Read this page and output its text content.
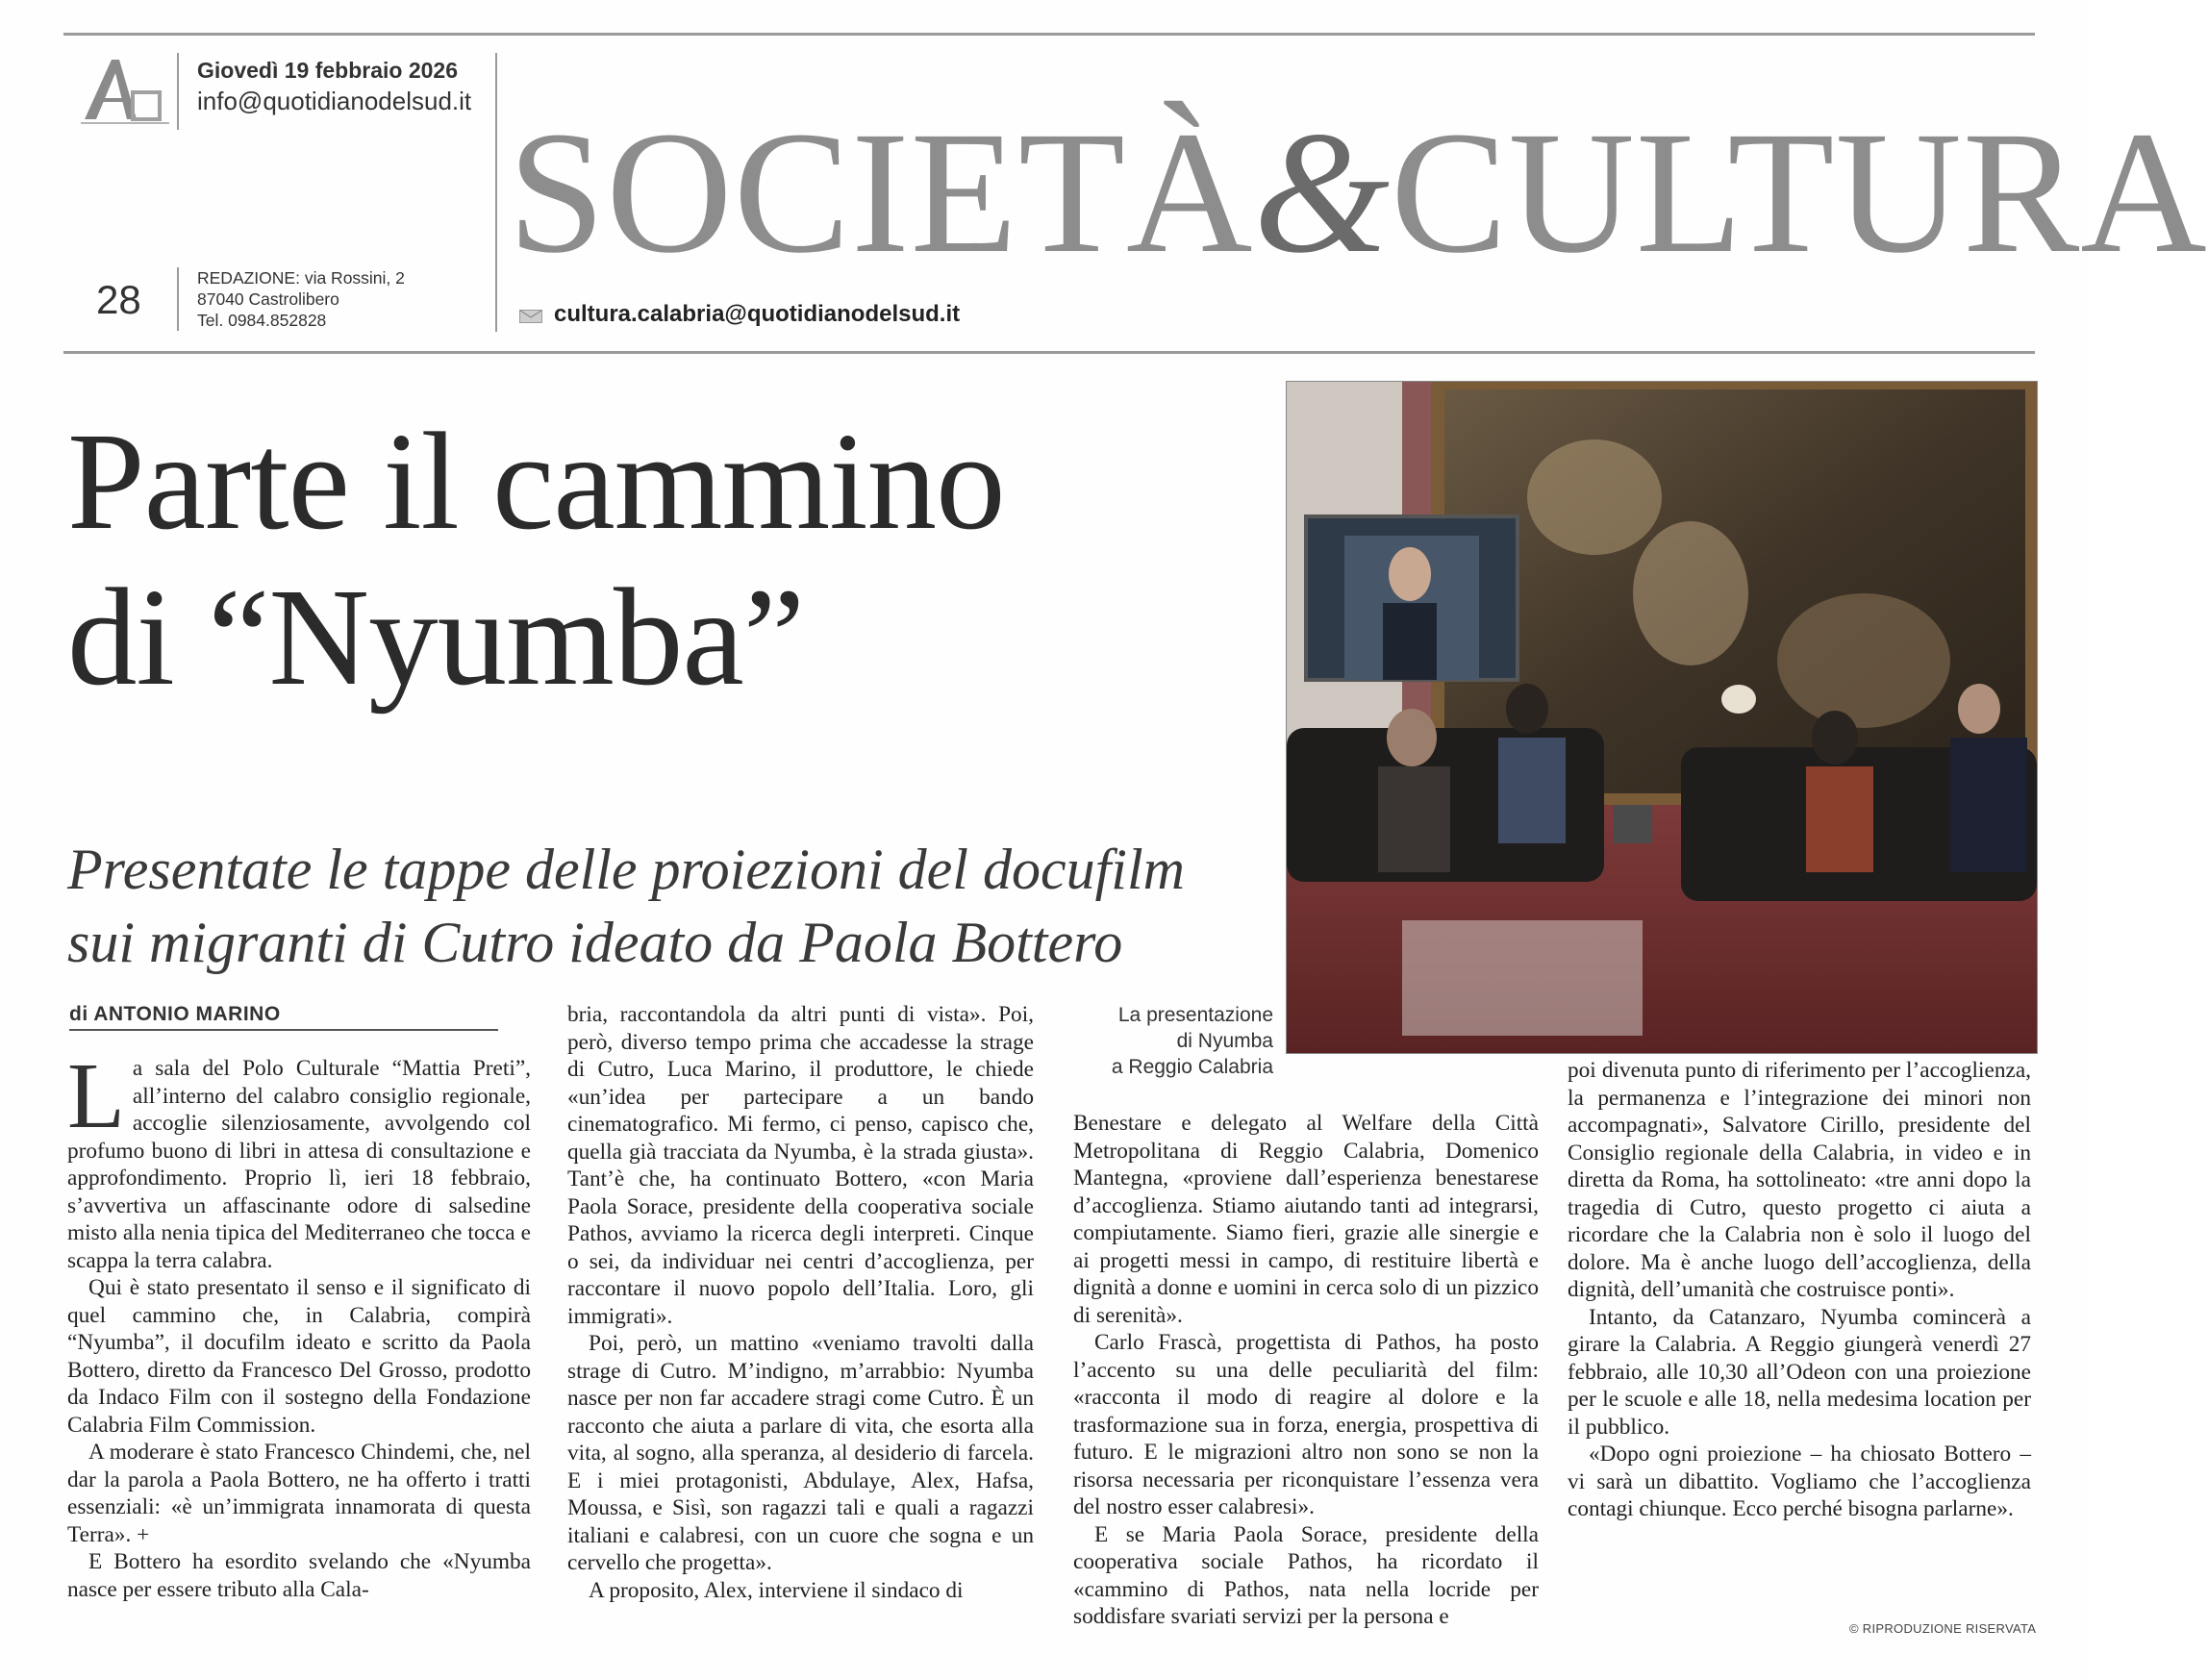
Giovedì 19 febbraio 2026
info@quotidianodelsud.it
28	REDAZIONE: via Rossini, 2
87040 Castrolibero
Tel. 0984.852828
SOCIETÀ&CULTURA
cultura.calabria@quotidianodelsud.it
Parte il cammino
di “Nyumba”
Presentate le tappe delle proiezioni del docufilm
sui migranti di Cutro ideato da Paola Bottero
La presentazione
di Nyumba
a Reggio Calabria
di ANTONIO MARINO

La sala del Polo Culturale “Mattia Preti”, all’interno del calabro consiglio regionale, accoglie silenziosamente, avvolgendo col profumo buono di libri in attesa di consultazione e approfondimento. Proprio lì, ieri 18 febbraio, s’avvertiva un affascinante odore di salsedine misto alla nenia tipica del Mediterraneo che tocca e scappa la terra calabra.

Qui è stato presentato il senso e il significato di quel cammino che, in Calabria, compirà “Nyumba”, il docufilm ideato e scritto da Paola Bottero, diretto da Francesco Del Grosso, prodotto da Indaco Film con il sostegno della Fondazione Calabria Film Commission.

A moderare è stato Francesco Chindemi, che, nel dar la parola a Paola Bottero, ne ha offerto i tratti essenziali: «è un’immigrata innamorata di questa Terra». +

E Bottero ha esordito svelando che «Nyumba nasce per essere tributo alla Cala-

bria, raccontandola da altri punti di vista». Poi, però, diverso tempo prima che accadesse la strage di Cutro, Luca Marino, il produttore, le chiede «un’idea per partecipare a un bando cinematografico. Mi fermo, ci penso, capisco che, quella già tracciata da Nyumba, è la strada giusta». Tant’è che, ha continuato Bottero, «con Maria Paola Sorace, presidente della cooperativa sociale Pathos, avviamo la ricerca degli interpreti. Cinque o sei, da individuar nei centri d’accoglienza, per raccontare il nuovo popolo dell’Italia. Loro, gli immigrati».

Poi, però, un mattino «veniamo travolti dalla strage di Cutro. M’indigno, m’arrabbio: Nyumba nasce per non far accadere stragi come Cutro. È un racconto che aiuta a parlare di vita, che esorta alla vita, al sogno, alla speranza, al desiderio di farcela. E i miei protagonisti, Abdulaye, Alex, Hafsa, Moussa, e Sisì, son ragazzi tali e quali a ragazzi italiani e calabresi, con un cuore che sogna e un cervello che progetta».

A proposito, Alex, interviene il sindaco di

Benestare e delegato al Welfare della Città Metropolitana di Reggio Calabria, Domenico Mantegna, «proviene dall’esperienza benestarese d’accoglienza. Stiamo aiutando tanti ad integrarsi, compiutamente. Siamo fieri, grazie alle sinergie e ai progetti messi in campo, di restituire libertà e dignità a donne e uomini in cerca solo di un pizzico di serenità».

Carlo Frascà, progettista di Pathos, ha posto l’accento su una delle peculiarità del film: «racconta il modo di reagire al dolore e la trasformazione sua in forza, energia, prospettiva di futuro. E le migrazioni altro non sono se non la risorsa necessaria per riconquistare l’essenza vera del nostro esser calabresi».

E se Maria Paola Sorace, presidente della cooperativa sociale Pathos, ha ricordato il «cammino di Pathos, nata nella locride per soddisfare svariati servizi per la persona e

poi divenuta punto di riferimento per l’accoglienza, la permanenza e l’integrazione dei minori non accompagnati», Salvatore Cirillo, presidente del Consiglio regionale della Calabria, in video e in diretta da Roma, ha sottolineato: «tre anni dopo la tragedia di Cutro, questo progetto ci aiuta a ricordare che la Calabria non è solo il luogo del dolore. Ma è anche luogo dell’accoglienza, della dignità, dell’umanità che costruisce ponti».

Intanto, da Catanzaro, Nyumba comincerà a girare la Calabria. A Reggio giungerà venerdì 27 febbraio, alle 10,30 all’Odeon con una proiezione per le scuole e alle 18, nella medesima location per il pubblico.

«Dopo ogni proiezione – ha chiosato Bottero – vi sarà un dibattito. Vogliamo che l’accoglienza contagi chiunque. Ecco perché bisogna parlarne».

© RIPRODUZIONE RISERVATA
